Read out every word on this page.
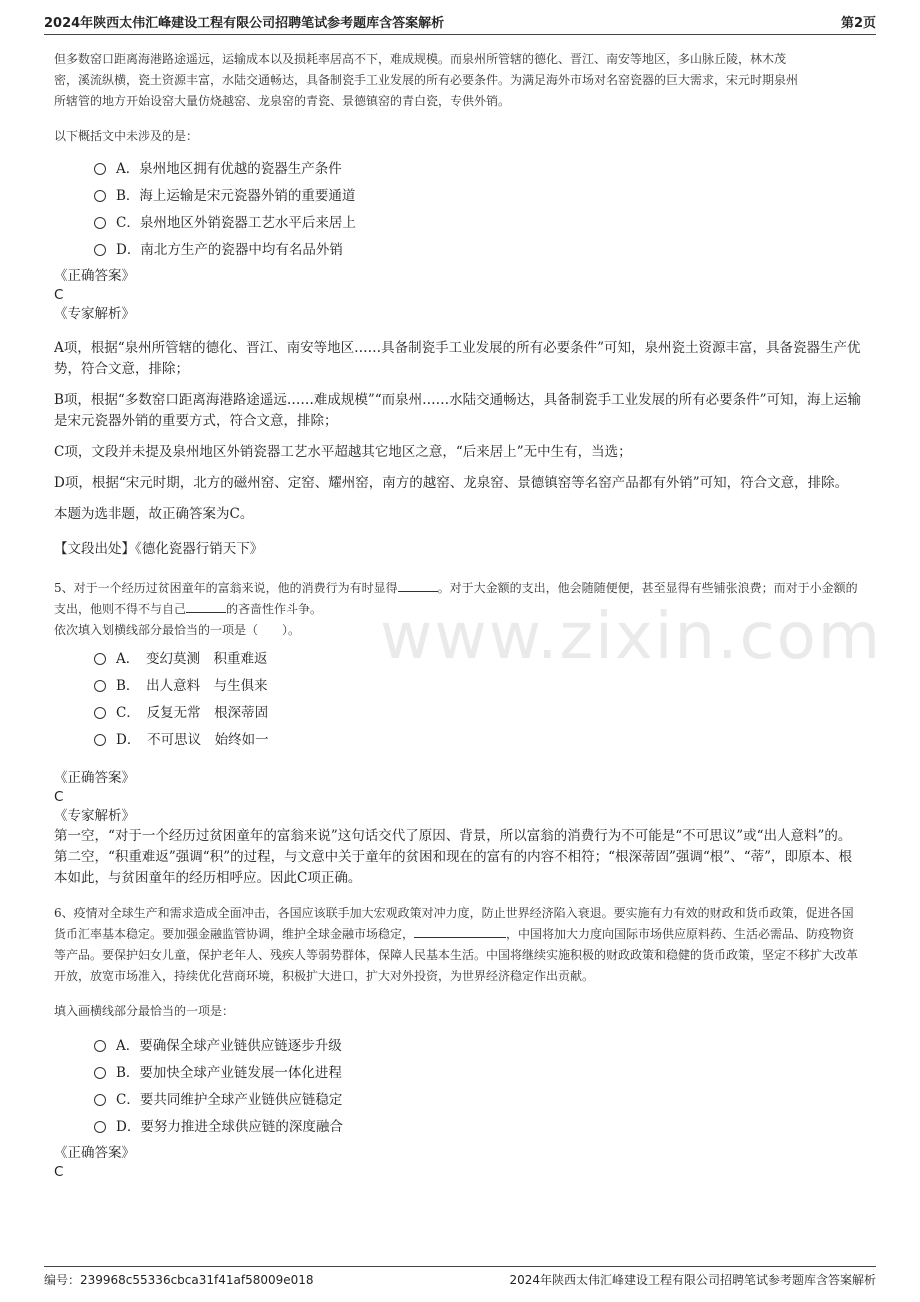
2024年陕西太伟汇峰建设工程有限公司招聘笔试参考题库含答案解析	第2页
www.zixin.com

但多数窑口距离海港路途遥远，运输成本以及损耗率居高不下，难成规模。而泉州所管辖的德化、晋江、南安等地区，多山脉丘陵，林木茂

密，溪流纵横，瓷土资源丰富，水陆交通畅达，具备制瓷手工业发展的所有必要条件。为满足海外市场对名窑瓷器的巨大需求，宋元时期泉州

所辖管的地方开始设窑大量仿烧越窑、龙泉窑的青瓷、景德镇窑的青白瓷，专供外销。

以下概括文中未涉及的是：

A．泉州地区拥有优越的瓷器生产条件
B．海上运输是宋元瓷器外销的重要通道
C．泉州地区外销瓷器工艺水平后来居上
D．南北方生产的瓷器中均有名品外销

《正确答案》

C

《专家解析》

A项，根据“泉州所管辖的德化、晋江、南安等地区……具备制瓷手工业发展的所有必要条件”可知，泉州瓷土资源丰富，具备瓷器生产优势，符合文意，排除；

B项，根据“多数窑口距离海港路途遥远……难成规模”“而泉州……水陆交通畅达，具备制瓷手工业发展的所有必要条件”可知，海上运输是宋元瓷器外销的重要方式，符合文意，排除；

C项，文段并未提及泉州地区外销瓷器工艺水平超越其它地区之意，“后来居上”无中生有，当选；

D项，根据“宋元时期，北方的磁州窑、定窑、耀州窑，南方的越窑、龙泉窑、景德镇窑等名窑产品都有外销”可知，符合文意，排除。

本题为选非题，故正确答案为C。

【文段出处】《德化瓷器行销天下》

5、对于一个经历过贫困童年的富翁来说，他的消费行为有时显得	。对于大金额的支出，他会随随便便，甚至显得有些铺张浪费；而对于小金额的支出，他则不得不与自己	的吝啬性作斗争。

依次填入划横线部分最恰当的一项是（　　）。

A．　变幻莫测　积重难返
B．　出人意料　与生俱来
C．　反复无常　根深蒂固
D．　不可思议　始终如一

《正确答案》

C

《专家解析》

第一空，“对于一个经历过贫困童年的富翁来说”这句话交代了原因、背景，所以富翁的消费行为不可能是“不可思议”或“出人意料”的。第二空，“积重难返”强调“积”的过程，与文意中关于童年的贫困和现在的富有的内容不相符；“根深蒂固”强调“根”、“蒂”，即原本、根本如此，与贫困童年的经历相呼应。因此C项正确。

6、疫情对全球生产和需求造成全面冲击，各国应该联手加大宏观政策对冲力度，防止世界经济陷入衰退。要实施有力有效的财政和货币政策，促进各国货币汇率基本稳定。要加强金融监管协调，维护全球金融市场稳定，	，中国将加大力度向国际市场供应原料药、生活必需品、防疫物资等产品。要保护妇女儿童，保护老年人、残疾人等弱势群体，保障人民基本生活。中国将继续实施积极的财政政策和稳健的货币政策，坚定不移扩大改革开放，放宽市场准入，持续优化营商环境，积极扩大进口，扩大对外投资，为世界经济稳定作出贡献。

填入画横线部分最恰当的一项是：

A．要确保全球产业链供应链逐步升级
B．要加快全球产业链发展一体化进程
C．要共同维护全球产业链供应链稳定
D．要努力推进全球供应链的深度融合

《正确答案》

C

编号：239968c55336cbca31f41af58009e018	2024年陕西太伟汇峰建设工程有限公司招聘笔试参考题库含答案解析
